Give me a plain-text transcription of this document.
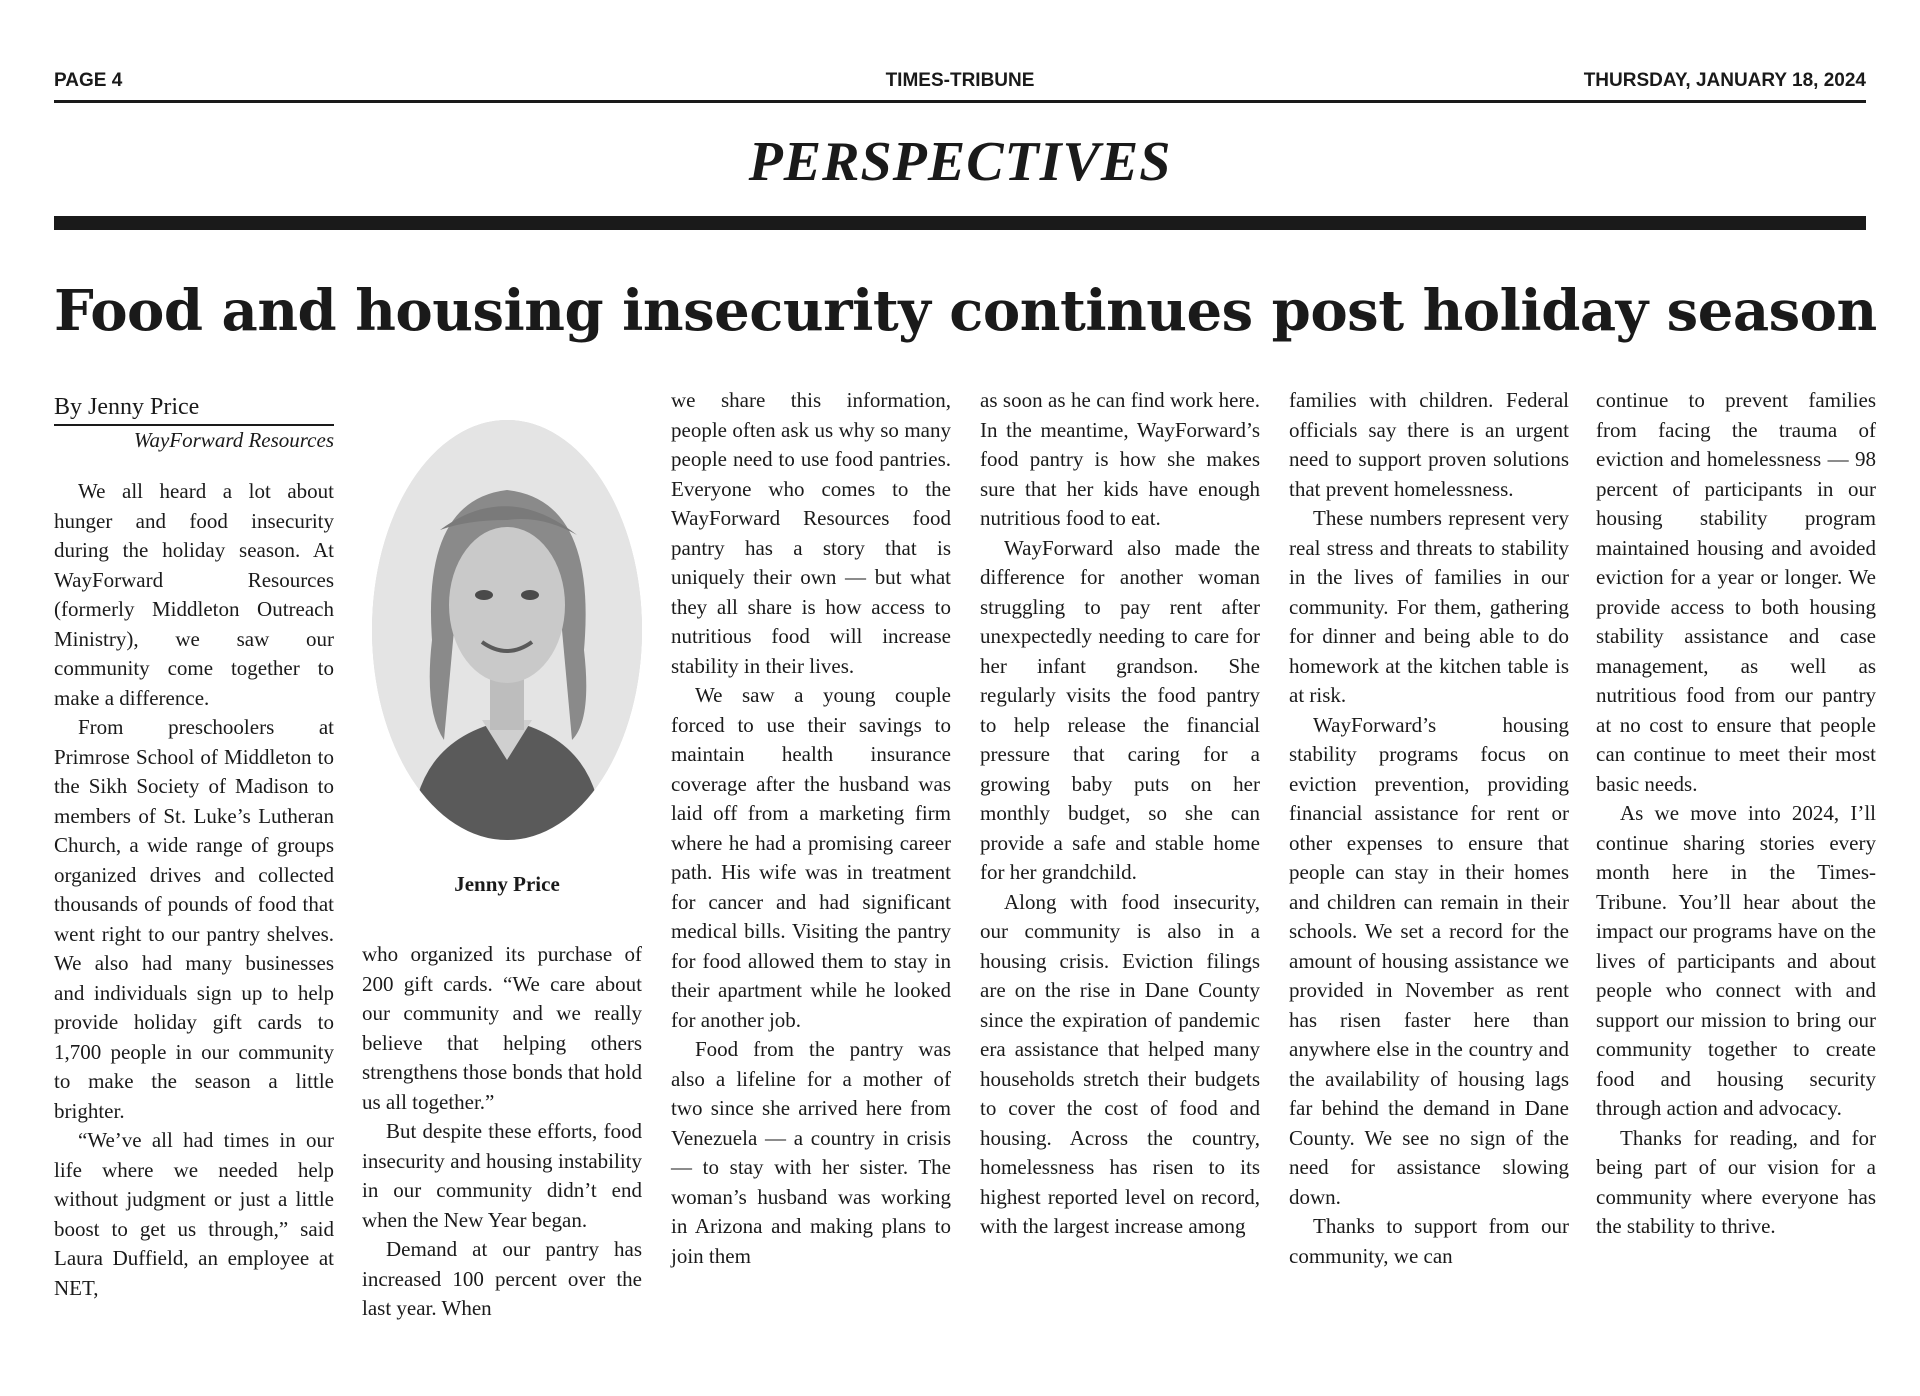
PAGE 4	TIMES-TRIBUNE	THURSDAY, JANUARY 18, 2024
PERSPECTIVES
Food and housing insecurity continues post holiday season
By Jenny Price
WayForward Resources

We all heard a lot about hunger and food insecurity during the holiday season. At WayForward Resources (formerly Middleton Outreach Ministry), we saw our community come together to make a difference.

From preschoolers at Primrose School of Middleton to the Sikh Society of Madison to members of St. Luke’s Lutheran Church, a wide range of groups organized drives and collected thousands of pounds of food that went right to our pantry shelves. We also had many businesses and individuals sign up to help provide holiday gift cards to 1,700 people in our community to make the season a little brighter.

“We’ve all had times in our life where we needed help without judgment or just a little boost to get us through,” said Laura Duffield, an employee at NET,

Jenny Price

who organized its purchase of 200 gift cards. “We care about our community and we really believe that helping others strengthens those bonds that hold us all together.”

But despite these efforts, food insecurity and housing instability in our community didn’t end when the New Year began.

Demand at our pantry has increased 100 percent over the last year. When

we share this information, people often ask us why so many people need to use food pantries. Everyone who comes to the WayForward Resources food pantry has a story that is uniquely their own — but what they all share is how access to nutritious food will increase stability in their lives.

We saw a young couple forced to use their savings to maintain health insurance coverage after the husband was laid off from a marketing firm where he had a promising career path. His wife was in treatment for cancer and had significant medical bills. Visiting the pantry for food allowed them to stay in their apartment while he looked for another job.

Food from the pantry was also a lifeline for a mother of two since she arrived here from Venezuela — a country in crisis — to stay with her sister. The woman’s husband was working in Arizona and making plans to join them

as soon as he can find work here. In the meantime, WayForward’s food pantry is how she makes sure that her kids have enough nutritious food to eat.

WayForward also made the difference for another woman struggling to pay rent after unexpectedly needing to care for her infant grandson. She regularly visits the food pantry to help release the financial pressure that caring for a growing baby puts on her monthly budget, so she can provide a safe and stable home for her grandchild.

Along with food insecurity, our community is also in a housing crisis. Eviction filings are on the rise in Dane County since the expiration of pandemic era assistance that helped many households stretch their budgets to cover the cost of food and housing. Across the country, homelessness has risen to its highest reported level on record, with the largest increase among

families with children. Federal officials say there is an urgent need to support proven solutions that prevent homelessness.

These numbers represent very real stress and threats to stability in the lives of families in our community. For them, gathering for dinner and being able to do homework at the kitchen table is at risk.

WayForward’s housing stability programs focus on eviction prevention, providing financial assistance for rent or other expenses to ensure that people can stay in their homes and children can remain in their schools. We set a record for the amount of housing assistance we provided in November as rent has risen faster here than anywhere else in the country and the availability of housing lags far behind the demand in Dane County. We see no sign of the need for assistance slowing down.

Thanks to support from our community, we can

continue to prevent families from facing the trauma of eviction and homelessness — 98 percent of participants in our housing stability program maintained housing and avoided eviction for a year or longer. We provide access to both housing stability assistance and case management, as well as nutritious food from our pantry at no cost to ensure that people can continue to meet their most basic needs.

As we move into 2024, I’ll continue sharing stories every month here in the Times-Tribune. You’ll hear about the impact our programs have on the lives of participants and about people who connect with and support our mission to bring our community together to create food and housing security through action and advocacy.

Thanks for reading, and for being part of our vision for a community where everyone has the stability to thrive.
